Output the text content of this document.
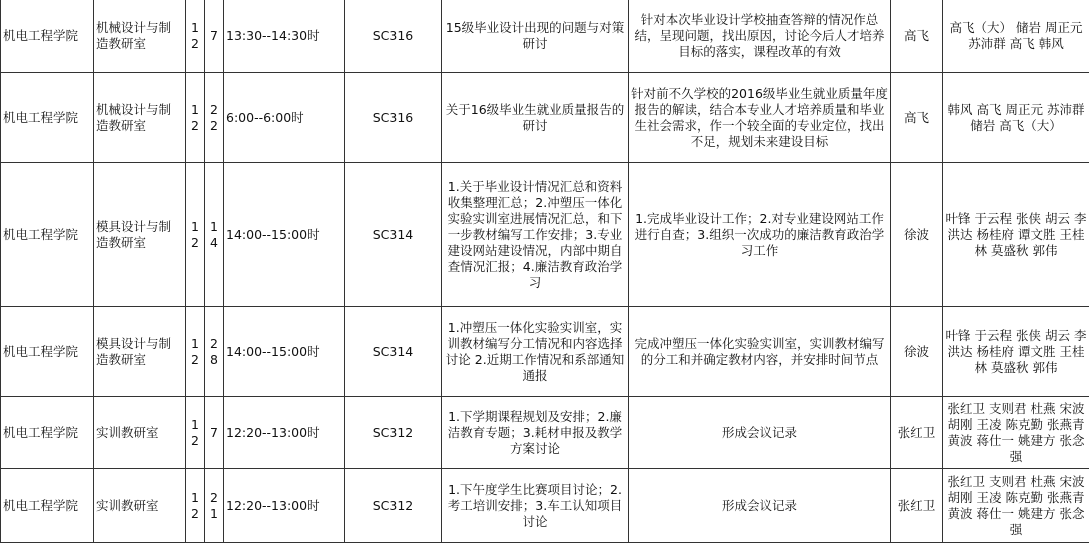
机电工程学院	机械设计与制造教研室	12	7	13:30--14:30时	SC316	15级毕业设计出现的问题与对策研讨	针对本次毕业设计学校抽查答辩的情况作总结，呈现问题，找出原因，讨论今后人才培养目标的落实，课程改革的有效	高飞	高飞（大） 储岩 周正元 苏沛群 高飞 韩风
机电工程学院	机械设计与制造教研室	12	22	6:00--6:00时	SC316	关于16级毕业生就业质量报告的研讨	针对前不久学校的2016级毕业生就业质量年度报告的解读，结合本专业人才培养质量和毕业生社会需求，作一个较全面的专业定位，找出不足，规划未来建设目标	高飞	韩风 高飞 周正元 苏沛群 储岩 高飞（大）
机电工程学院	模具设计与制造教研室	12	14	14:00--15:00时	SC314	1.关于毕业设计情况汇总和资料收集整理汇总；2.冲塑压一体化实验实训室进展情况汇总，和下一步教材编写工作安排；3.专业建设网站建设情况，内部中期自查情况汇报；4.廉洁教育政治学习	1.完成毕业设计工作；2.对专业建设网站工作进行自查；3.组织一次成功的廉洁教育政治学习工作	徐波	叶锋 于云程 张侠 胡云 李洪达 杨桂府 谭文胜 王桂林 莫盛秋 郭伟
机电工程学院	模具设计与制造教研室	12	28	14:00--15:00时	SC314	1.冲塑压一体化实验实训室，实训教材编写分工情况和内容选择讨论 2.近期工作情况和系部通知通报	完成冲塑压一体化实验实训室，实训教材编写的分工和并确定教材内容，并安排时间节点	徐波	叶锋 于云程 张侠 胡云 李洪达 杨桂府 谭文胜 王桂林 莫盛秋 郭伟
机电工程学院	实训教研室	12	7	12:20--13:00时	SC312	1.下学期课程规划及安排；2.廉洁教育专题；3.耗材申报及教学方案讨论	形成会议记录	张红卫	张红卫 支则君 杜燕 宋波 胡刚 王凌 陈克勤 张燕青 黄波 蒋仕一 姚建方 张念强
机电工程学院	实训教研室	12	21	12:20--13:00时	SC312	1.下午度学生比赛项目讨论；2.考工培训安排；3.车工认知项目讨论	形成会议记录	张红卫	张红卫 支则君 杜燕 宋波 胡刚 王凌 陈克勤 张燕青 黄波 蒋仕一 姚建方 张念强
